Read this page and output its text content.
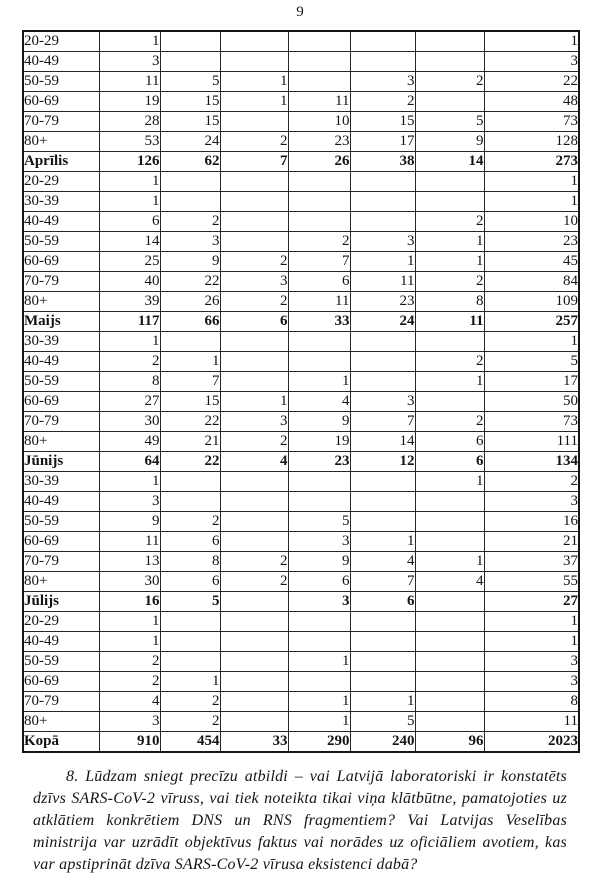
9
20-29	1						1
40-49	3						3
50-59	11	5	1		3	2	22
60-69	19	15	1	11	2		48
70-79	28	15		10	15	5	73
80+	53	24	2	23	17	9	128
Aprīlis	126	62	7	26	38	14	273
20-29	1						1
30-39	1						1
40-49	6	2				2	10
50-59	14	3		2	3	1	23
60-69	25	9	2	7	1	1	45
70-79	40	22	3	6	11	2	84
80+	39	26	2	11	23	8	109
Maijs	117	66	6	33	24	11	257
30-39	1						1
40-49	2	1				2	5
50-59	8	7		1		1	17
60-69	27	15	1	4	3		50
70-79	30	22	3	9	7	2	73
80+	49	21	2	19	14	6	111
Jūnijs	64	22	4	23	12	6	134
30-39	1					1	2
40-49	3						3
50-59	9	2		5			16
60-69	11	6		3	1		21
70-79	13	8	2	9	4	1	37
80+	30	6	2	6	7	4	55
Jūlijs	16	5		3	6		27
20-29	1						1
40-49	1						1
50-59	2			1			3
60-69	2	1					3
70-79	4	2		1	1		8
80+	3	2		1	5		11
Kopā	910	454	33	290	240	96	2023

8. Lūdzam sniegt precīzu atbildi – vai Latvijā laboratoriski ir konstatēts dzīvs SARS-CoV-2 vīruss, vai tiek noteikta tikai viņa klātbūtne, pamatojoties uz atklātiem konkrētiem DNS un RNS fragmentiem? Vai Latvijas Veselības ministrija var uzrādīt objektīvus faktus vai norādes uz oficiāliem avotiem, kas var apstiprināt dzīva SARS-CoV-2 vīrusa eksistenci dabā?
